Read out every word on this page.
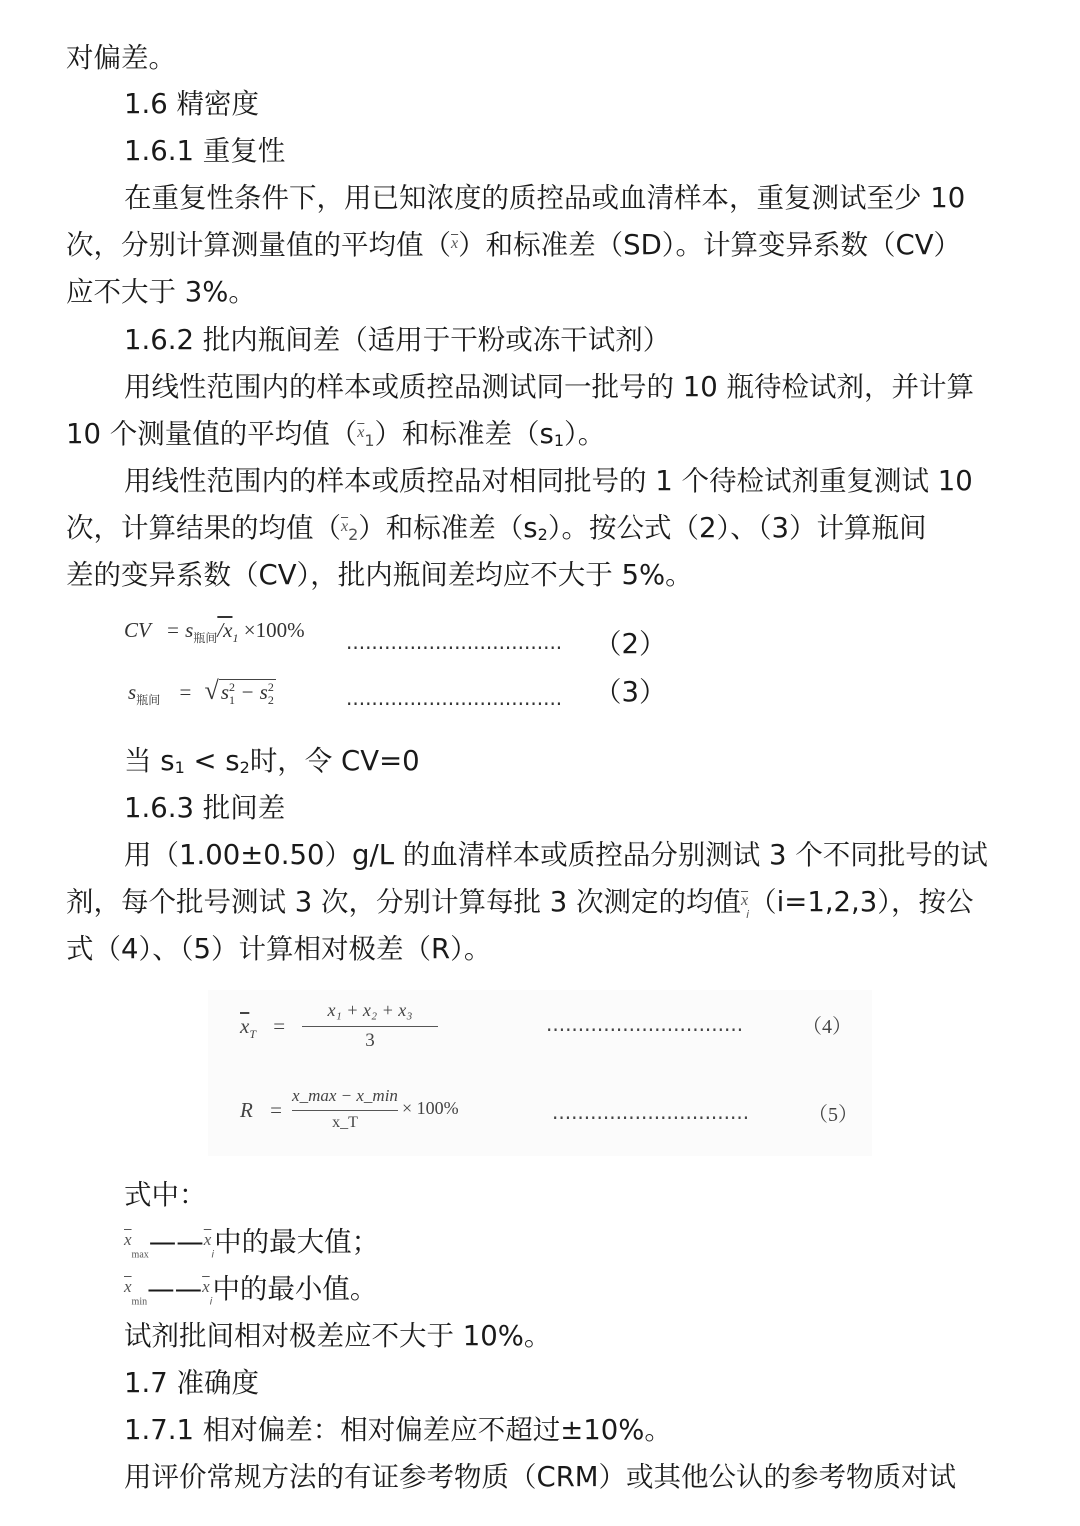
对偏差。
1.6 精密度
1.6.1 重复性
在重复性条件下，用已知浓度的质控品或血清样本，重复测试至少 10
次，分别计算测量值的平均值（$^{\overline{x}}$）和标准差（SD）。计算变异系数（CV）
应不大于 3%。
1.6.2 批内瓶间差（适用于干粉或冻干试剂）
用线性范围内的样本或质控品测试同一批号的 10 瓶待检试剂，并计算
10 个测量值的平均值（$^{\overline{x}}_1$）和标准差$(s_1)$。
用线性范围内的样本或质控品对相同批号的 1 个待检试剂重复测试 10
次，计算结果的均值（$^{\overline{x}}_2$）和标准差$(s_2)$。按公式（2）、（3）计算瓶间
差的变异系数（CV），批内瓶间差均应不大于 5%。
CV = $s_{瓶间}/x_1 \times 100\%$ .................................. （2）
$s_{瓶间} = √s^2_1 - s^2_2$	.................................. （3）
当 $s_1 < s_2$时，令 CV=0
1.6.3 批间差
用（1.00±0.50）g/L 的血清样本或质控品分别测试 3 个不同批号的试
剂，每个批号测试 3 次，分别计算每批 3 次测定的均值$^{\overline{x}}_i$（i=1,2,3），按公
式（4）、（5）计算相对极差（R）。
$\overline{x}_T$ =
x₁ + x₂ + x₃
3
...............................	（4）
R =
x_max − x_min
x_T
× 100%	...............................	（5）
式中：
$^{\overline{x}}_{max}$——$^{\overline{x}}_i$中的最大值；
$^{\overline{x}}_{min}$——$^{\overline{x}}_i$中的最小值。
试剂批间相对极差应不大于 10%。
1.7 准确度
1.7.1 相对偏差：相对偏差应不超过±10%。
用评价常规方法的有证参考物质（CRM）或其他公认的参考物质对试
